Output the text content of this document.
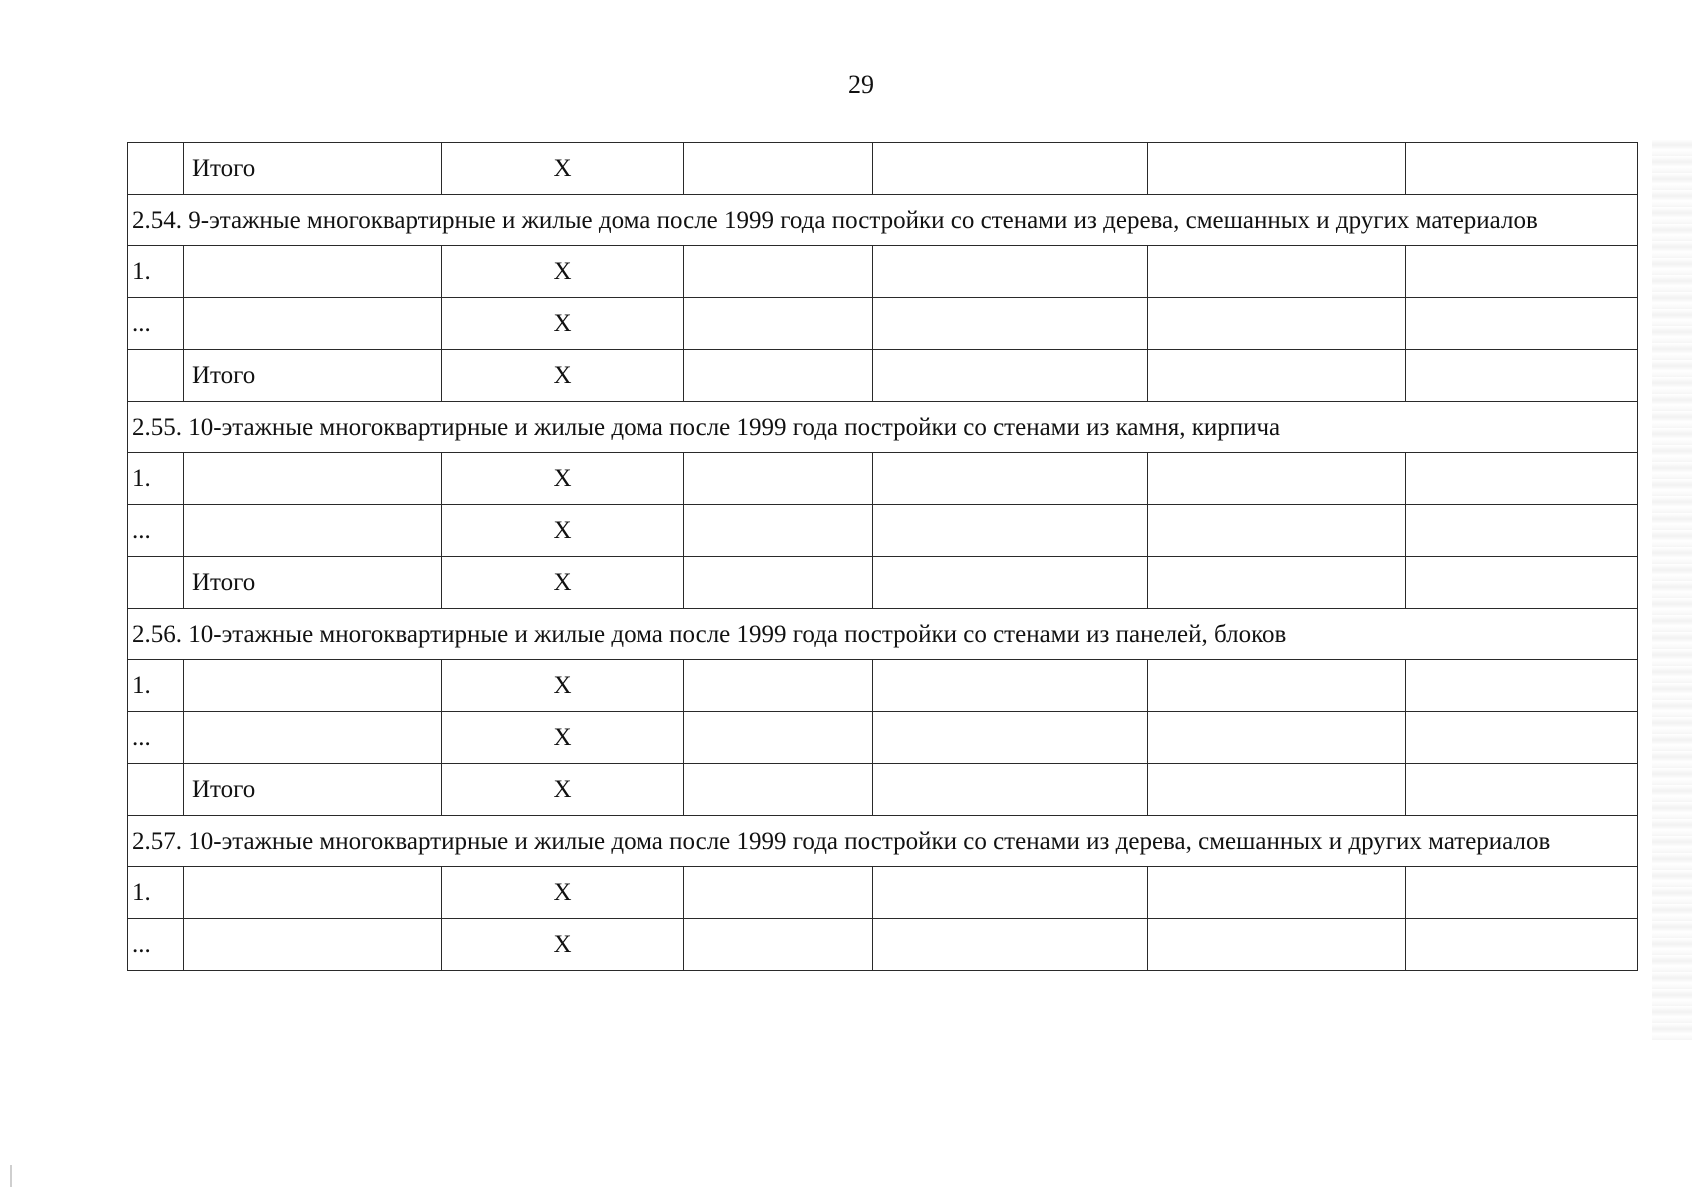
29
	Итого	X				
2.54. 9-этажные многоквартирные и жилые дома после 1999 года постройки со стенами из дерева, смешанных и других материалов						
1.		X				
...		X				
	Итого	X				
2.55. 10-этажные многоквартирные и жилые дома после 1999 года постройки со стенами из камня, кирпича						
1.		X				
...		X				
	Итого	X				
2.56. 10-этажные многоквартирные и жилые дома после 1999 года постройки со стенами из панелей, блоков						
1.		X				
...		X				
	Итого	X				
2.57. 10-этажные многоквартирные и жилые дома после 1999 года постройки со стенами из дерева, смешанных и других материалов						
1.		X				
...		X				
